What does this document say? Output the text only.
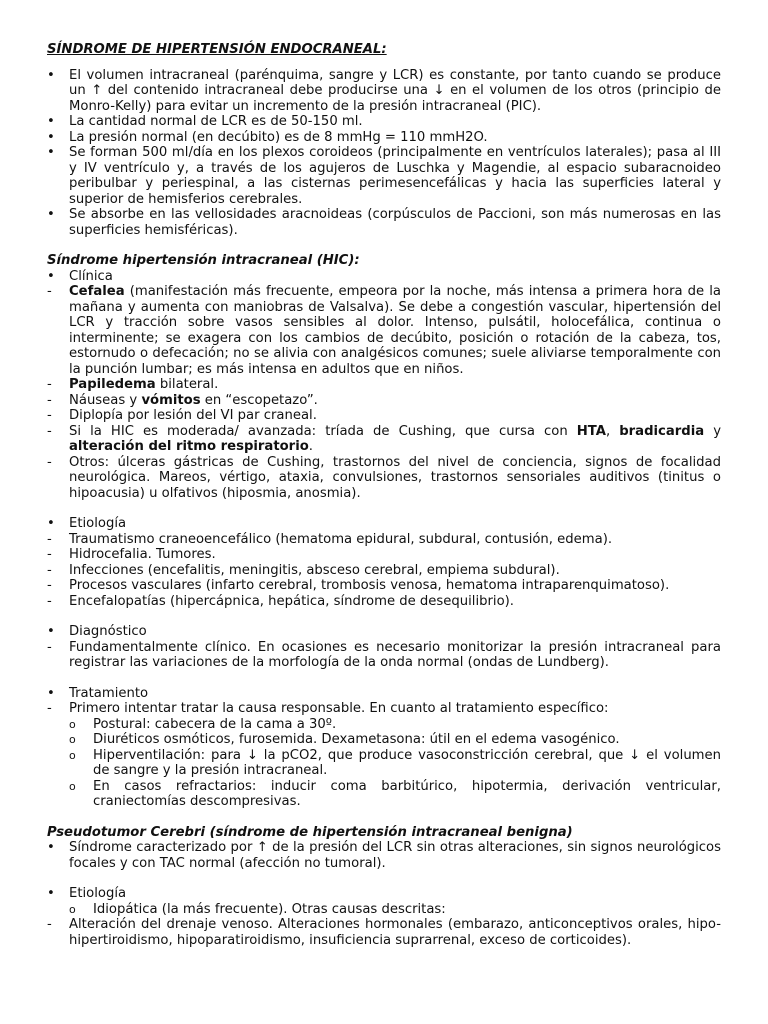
SÍNDROME DE HIPERTENSIÓN ENDOCRANEAL:
•	El volumen intracraneal (parénquima, sangre y LCR) es constante, por tanto cuando se produce un ↑ del contenido intracraneal debe producirse una ↓ en el volumen de los otros (principio de Monro-Kelly) para evitar un incremento de la presión intracraneal (PIC).
•	La cantidad normal de LCR es de 50-150 ml.
•	La presión normal (en decúbito) es de 8 mmHg = 110 mmH2O.
•	Se forman 500 ml/día en los plexos coroideos (principalmente en ventrículos laterales); pasa al III y IV ventrículo y, a través de los agujeros de Luschka y Magendie, al espacio subaracnoideo peribulbar y periespinal, a las cisternas perimesencefálicas y hacia las superficies lateral y superior de hemisferios cerebrales.
•	Se absorbe en las vellosidades aracnoideas (corpúsculos de Paccioni, son más numerosas en las superficies hemisféricas).
Síndrome hipertensión intracraneal (HIC):
•	Clínica
-	Cefalea (manifestación más frecuente, empeora por la noche, más intensa a primera hora de la mañana y aumenta con maniobras de Valsalva). Se debe a congestión vascular, hipertensión del LCR y tracción sobre vasos sensibles al dolor. Intenso, pulsátil, holocefálica, continua o interminente; se exagera con los cambios de decúbito, posición o rotación de la cabeza, tos, estornudo o defecación; no se alivia con analgésicos comunes; suele aliviarse temporalmente con la punción lumbar; es más intensa en adultos que en niños.
-	Papiledema bilateral.
-	Náuseas y vómitos en “escopetazo”.
-	Diplopía por lesión del VI par craneal.
-	Si la HIC es moderada/ avanzada: tríada de Cushing, que cursa con HTA, bradicardia y alteración del ritmo respiratorio.
-	Otros: úlceras gástricas de Cushing, trastornos del nivel de conciencia, signos de focalidad neurológica. Mareos, vértigo, ataxia, convulsiones, trastornos sensoriales auditivos (tinitus o hipoacusia) u olfativos (hiposmia, anosmia).
•	Etiología
-	Traumatismo craneoencefálico (hematoma epidural, subdural, contusión, edema).
-	Hidrocefalia. Tumores.
-	Infecciones (encefalitis, meningitis, absceso cerebral, empiema subdural).
-	Procesos vasculares (infarto cerebral, trombosis venosa, hematoma intraparenquimatoso).
-	Encefalopatías (hipercápnica, hepática, síndrome de desequilibrio).
•	Diagnóstico
-	Fundamentalmente clínico. En ocasiones es necesario monitorizar la presión intracraneal para registrar las variaciones de la morfología de la onda normal (ondas de Lundberg).
•	Tratamiento
-	Primero intentar tratar la causa responsable. En cuanto al tratamiento específico:
o	Postural: cabecera de la cama a 30º.
o	Diuréticos osmóticos, furosemida. Dexametasona: útil en el edema vasogénico.
o	Hiperventilación: para ↓ la pCO2, que produce vasoconstricción cerebral, que ↓ el volumen de sangre y la presión intracraneal.
o	En casos refractarios: inducir coma barbitúrico, hipotermia, derivación ventricular, craniectomías descompresivas.
Pseudotumor Cerebri (síndrome de hipertensión intracraneal benigna)
•	Síndrome caracterizado por ↑ de la presión del LCR sin otras alteraciones, sin signos neurológicos focales y con TAC normal (afección no tumoral).
•	Etiología
o	Idiopática (la más frecuente). Otras causas descritas:
-	Alteración del drenaje venoso. Alteraciones hormonales (embarazo, anticonceptivos orales, hipo-hipertiroidismo, hipoparatiroidismo, insuficiencia suprarrenal, exceso de corticoides).
